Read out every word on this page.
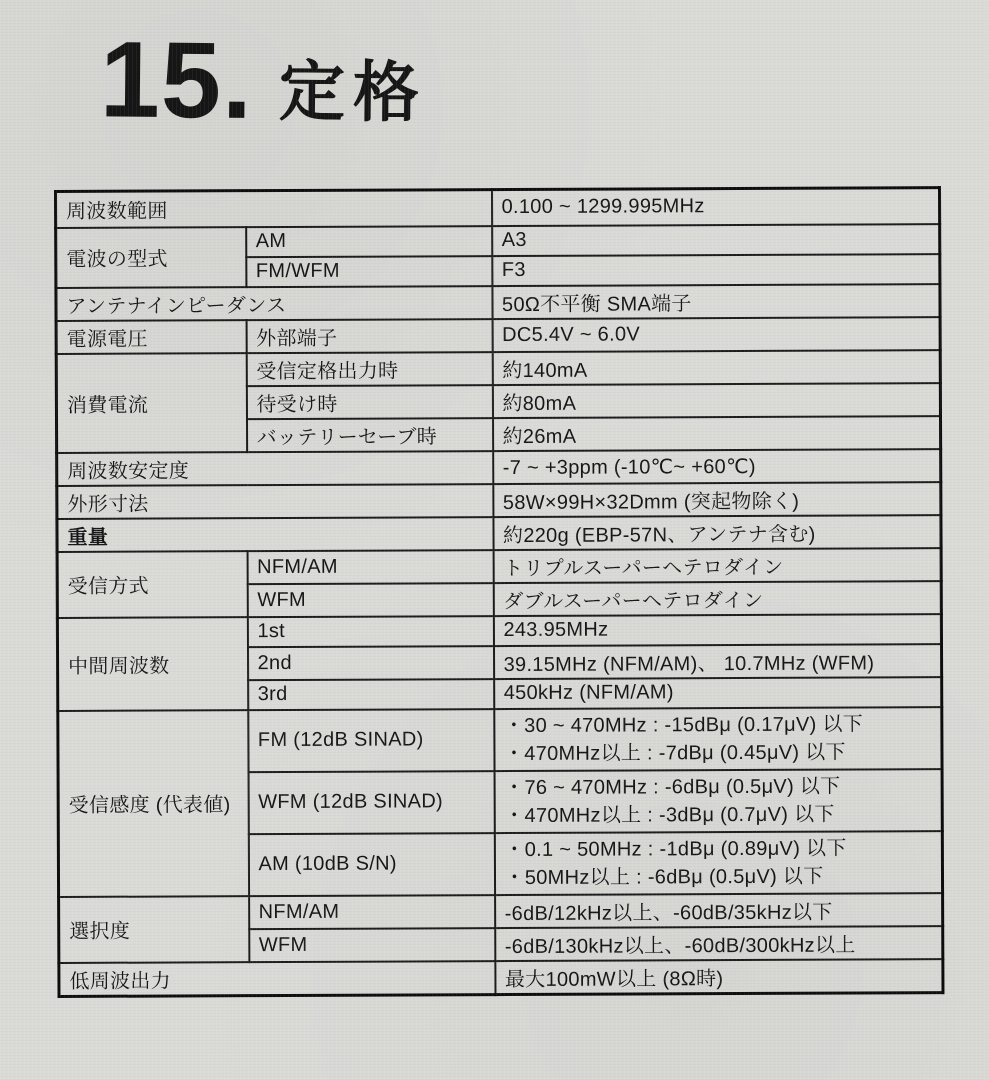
15. 定格
周波数範囲		0.100 ~ 1299.995MHz
電波の型式	AM	A3
	FM/WFM	F3
アンテナインピーダンス		50Ω不平衡 SMA端子
電源電圧	外部端子	DC5.4V ~ 6.0V
消費電流	受信定格出力時	約140mA
	待受け時	約80mA
	バッテリーセーブ時	約26mA
周波数安定度		-7 ~ +3ppm (-10℃~ +60℃)
外形寸法		58W×99H×32Dmm (突起物除く)
重量		約220g (EBP-57N、アンテナ含む)
受信方式	NFM/AM	トリプルスーパーヘテロダイン
	WFM	ダブルスーパーヘテロダイン
中間周波数	1st	243.95MHz
	2nd	39.15MHz (NFM/AM)、 10.7MHz (WFM)
	3rd	450kHz (NFM/AM)
受信感度 (代表値)	FM (12dB SINAD)	・30 ~ 470MHz : -15dBμ (0.17μV) 以下
・470MHz以上 : -7dBμ (0.45μV) 以下

	WFM (12dB SINAD)	・76 ~ 470MHz : -6dBμ (0.5μV) 以下
・470MHz以上 : -3dBμ (0.7μV) 以下

	AM (10dB S/N)	・0.1 ~ 50MHz : -1dBμ (0.89μV) 以下
・50MHz以上 : -6dBμ (0.5μV) 以下

選択度	NFM/AM	-6dB/12kHz以上、-60dB/35kHz以下
	WFM	-6dB/130kHz以上、-60dB/300kHz以上
低周波出力		最大100mW以上 (8Ω時)
